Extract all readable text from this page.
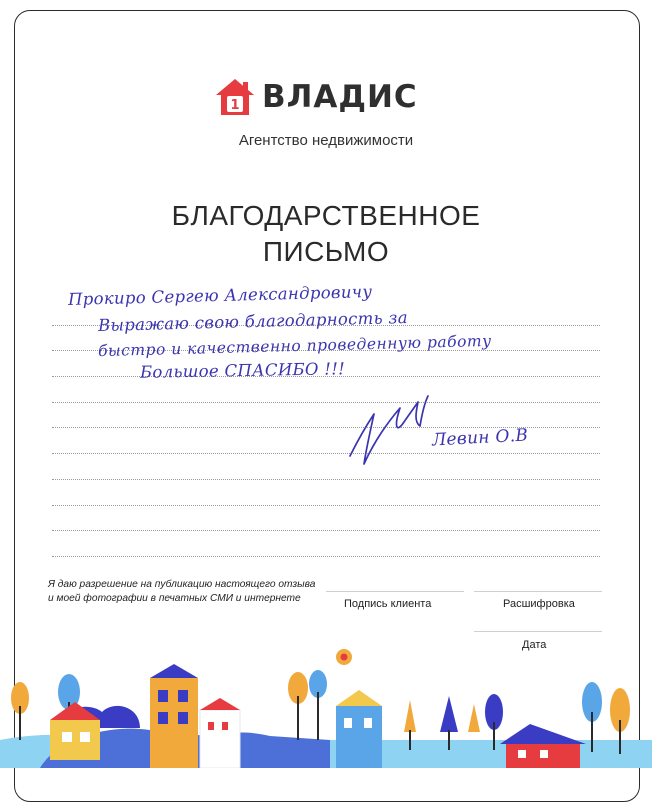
1 ВЛАДИС
Агентство недвижимости
БЛАГОДАРСТВЕННОЕ
ПИСЬМО
Прокиро Сергею Александровичу
Выражаю свою благодарность за
быстро и качественно проведенную работу
Большое СПАСИБО !!!
Левин О.В
Я даю разрешение на публикацию настоящего отзыва
и моей фотографии в печатных СМИ и интернете	Подпись клиента	Расшифровка
Дата
